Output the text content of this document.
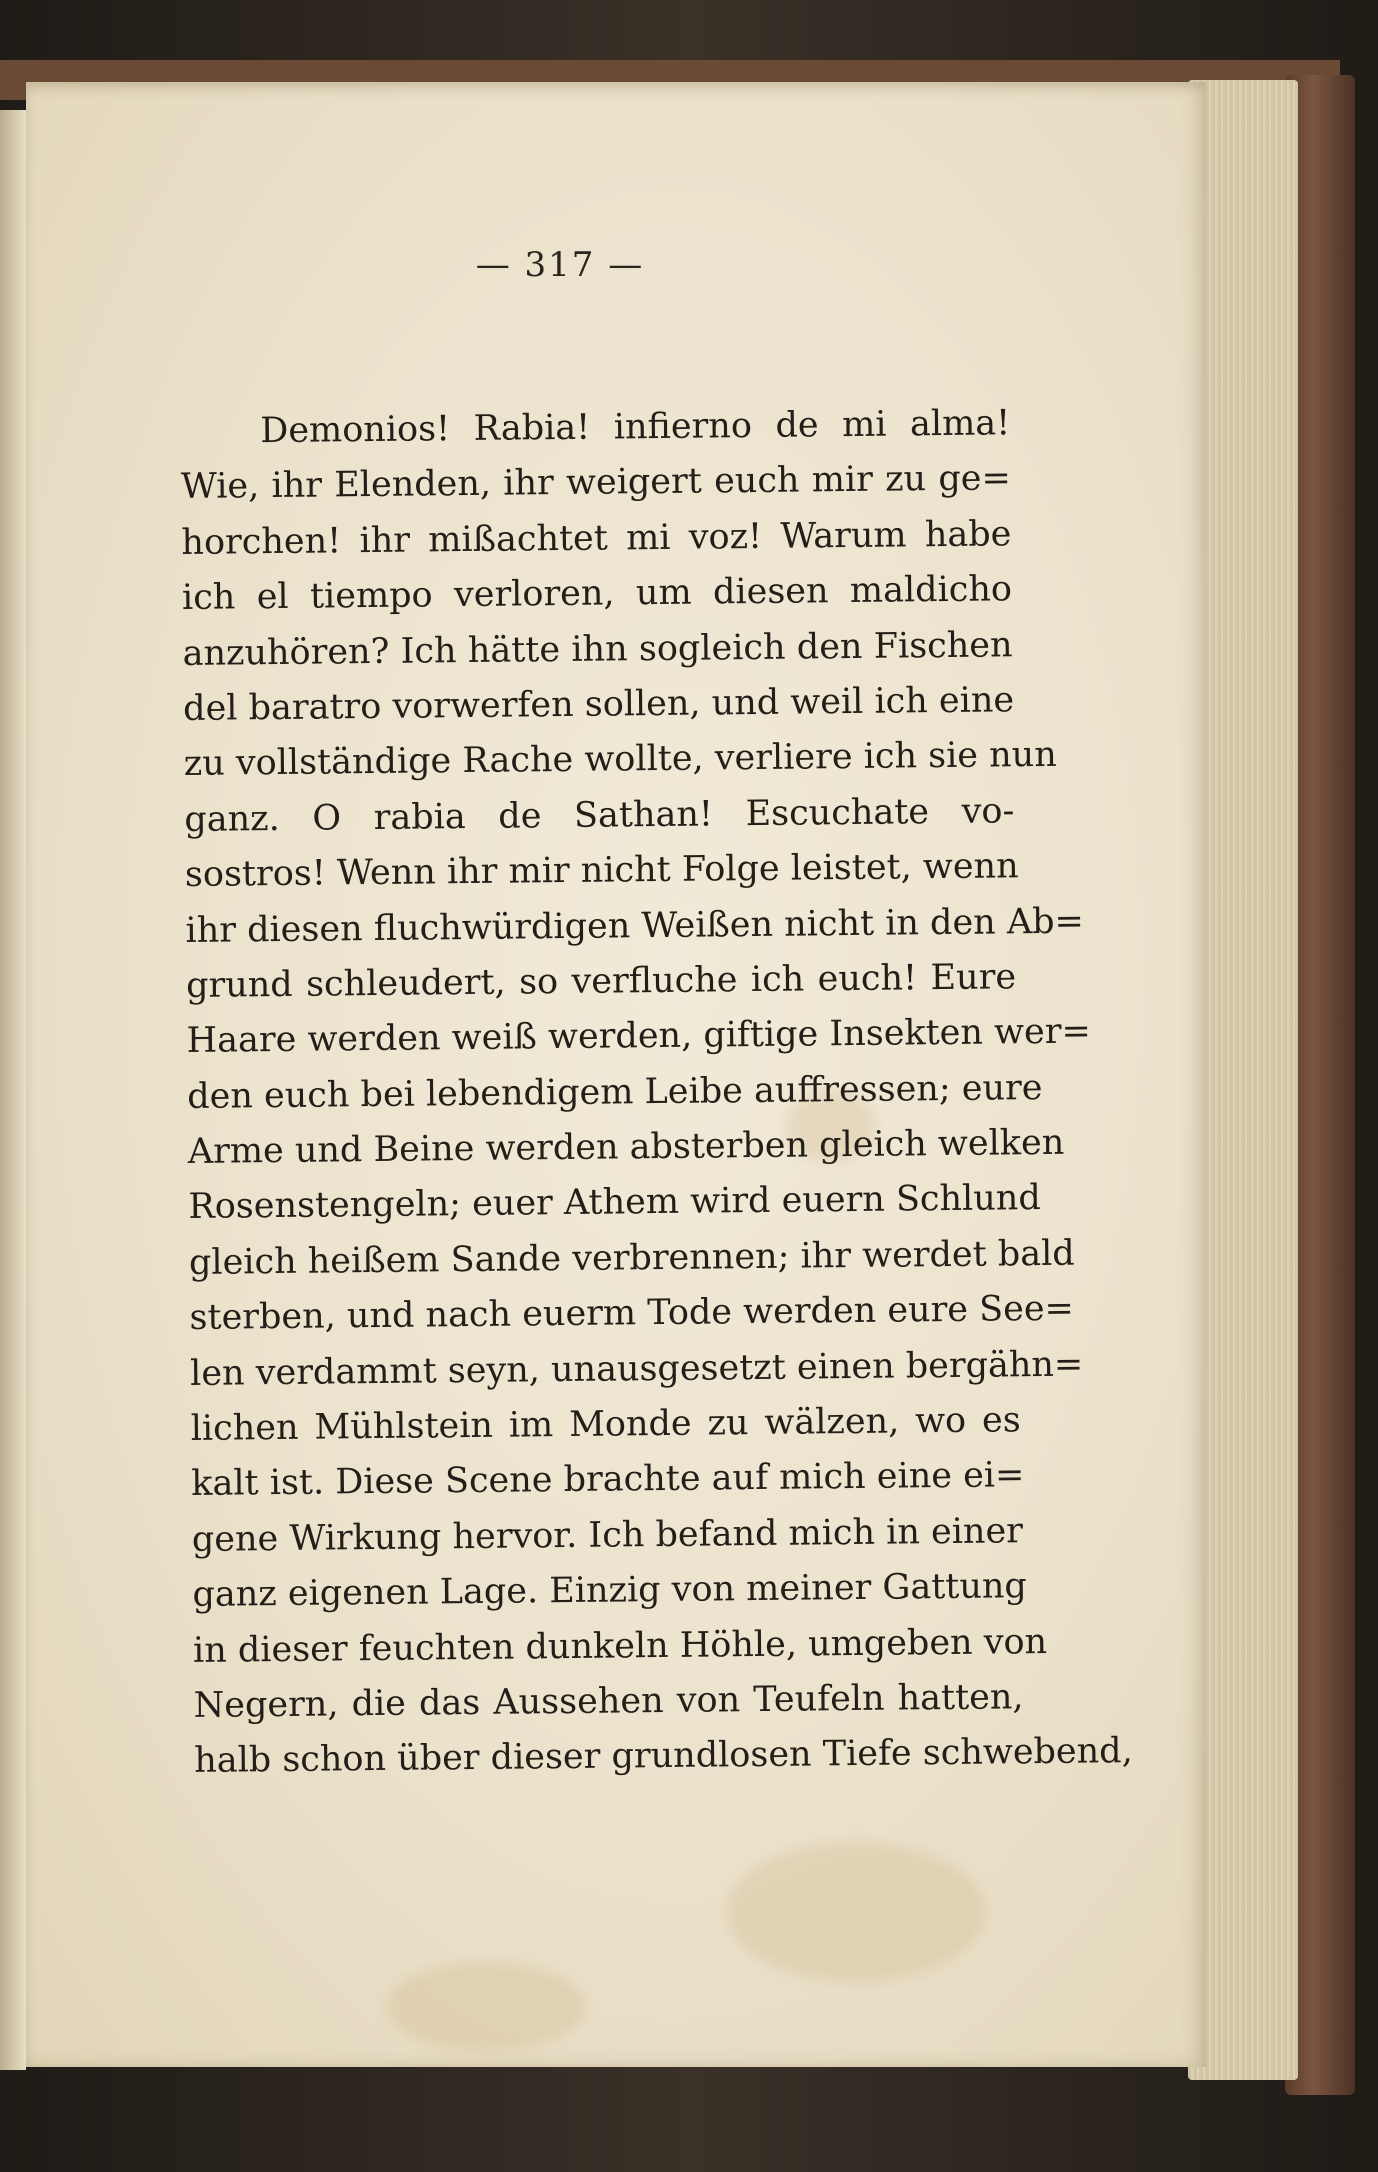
— 317 —
Demonios! Rabia! infierno de mi alma!
Wie, ihr Elenden, ihr weigert euch mir zu ge=
horchen! ihr mißachtet mi voz! Warum habe
ich el tiempo verloren, um diesen maldicho
anzuhören? Ich hätte ihn sogleich den Fischen
del baratro vorwerfen sollen, und weil ich eine
zu vollständige Rache wollte, verliere ich sie nun
ganz. O rabia de Sathan! Escuchate vo-
sostros! Wenn ihr mir nicht Folge leistet, wenn
ihr diesen fluchwürdigen Weißen nicht in den Ab=
grund schleudert, so verfluche ich euch! Eure
Haare werden weiß werden, giftige Insekten wer=
den euch bei lebendigem Leibe auffressen; eure
Arme und Beine werden absterben gleich welken
Rosenstengeln; euer Athem wird euern Schlund
gleich heißem Sande verbrennen; ihr werdet bald
sterben, und nach euerm Tode werden eure See=
len verdammt seyn, unausgesetzt einen bergähn=
lichen Mühlstein im Monde zu wälzen, wo es
kalt ist. Diese Scene brachte auf mich eine ei=
gene Wirkung hervor. Ich befand mich in einer
ganz eigenen Lage. Einzig von meiner Gattung
in dieser feuchten dunkeln Höhle, umgeben von
Negern, die das Aussehen von Teufeln hatten,
halb schon über dieser grundlosen Tiefe schwebend,
